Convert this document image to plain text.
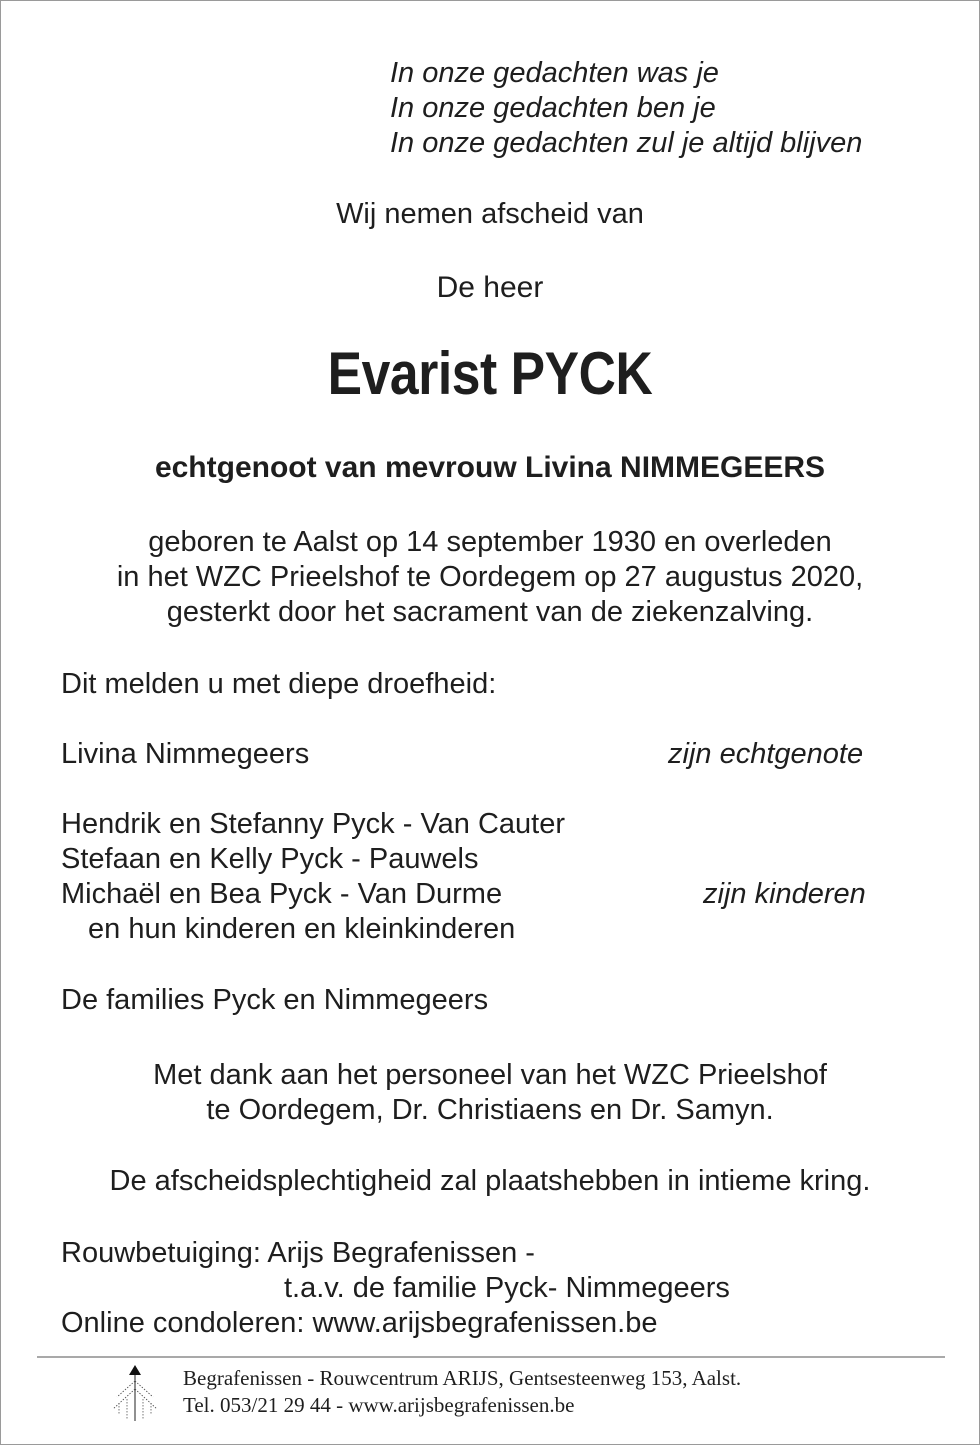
In onze gedachten was je
In onze gedachten ben je
In onze gedachten zul je altijd blijven
Wij nemen afscheid van
De heer
Evarist PYCK
echtgenoot van mevrouw Livina NIMMEGEERS
geboren te Aalst op 14 september 1930 en overleden
in het WZC Prieelshof te Oordegem op 27 augustus 2020,
gesterkt door het sacrament van de ziekenzalving.
Dit melden u met diepe droefheid:
Livina Nimmegeers	zijn echtgenote
Hendrik en Stefanny Pyck - Van Cauter
Stefaan en Kelly Pyck - Pauwels
Michaël en Bea Pyck - Van Durme	zijn kinderen
en hun kinderen en kleinkinderen
De families Pyck en Nimmegeers
Met dank aan het personeel van het WZC Prieelshof
te Oordegem, Dr. Christiaens en Dr. Samyn.
De afscheidsplechtigheid zal plaatshebben in intieme kring.
Rouwbetuiging: Arijs Begrafenissen -
t.a.v. de familie Pyck- Nimmegeers
Online condoleren: www.arijsbegrafenissen.be
Begrafenissen - Rouwcentrum ARIJS, Gentsesteenweg 153, Aalst.
Tel. 053/21 29 44 - www.arijsbegrafenissen.be
